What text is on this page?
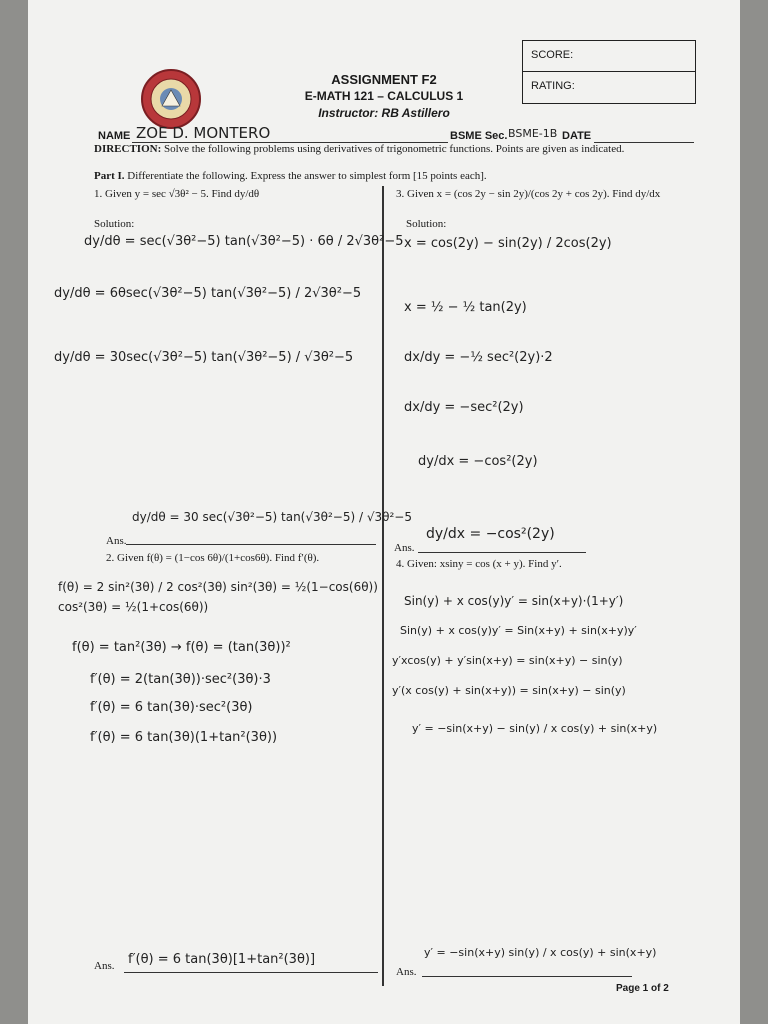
ASSIGNMENT F2
E-MATH 121 – CALCULUS 1
Instructor: RB Astillero
SCORE:
RATING:
NAME ZOE D. MONTERO	BSME Sec. BSME-1B DATE
DIRECTION: Solve the following problems using derivatives of trigonometric functions. Points are given as indicated.
Part I. Differentiate the following. Express the answer to simplest form [15 points each].
1. Given y = sec √3θ² − 5. Find dy/dθ
Solution:
dy/dθ = sec(√3θ²−5) tan(√3θ²−5) · 6θ / 2√3θ²−5
dy/dθ = 6θsec(√3θ²−5) tan(√3θ²−5) / 2√3θ²−5
dy/dθ = 30sec(√3θ²−5) tan(√3θ²−5) / √3θ²−5
Ans.
dy/dθ = 30 sec(√3θ²−5) tan(√3θ²−5) / √3θ²−5
2. Given f(θ) = (1−cos 6θ)/(1+cos6θ). Find f′(θ).
f(θ) = 2 sin²(3θ) / 2 cos²(3θ) sin²(3θ) = ½(1−cos(6θ))
cos²(3θ) = ½(1+cos(6θ))
f(θ) = tan²(3θ) → f(θ) = (tan(3θ))²
f′(θ) = 2(tan(3θ))·sec²(3θ)·3
f′(θ) = 6 tan(3θ)·sec²(3θ)
f′(θ) = 6 tan(3θ)(1+tan²(3θ))
Ans. f′(θ) = 6 tan(3θ)[1+tan²(3θ)]
3. Given x = (cos 2y − sin 2y)/(cos 2y + cos 2y). Find dy/dx
Solution:
x = cos(2y) − sin(2y) / 2cos(2y)
x = ½ − ½ tan(2y)
dx/dy = −½ sec²(2y)·2
dx/dy = −sec²(2y)
dy/dx = −cos²(2y)
Ans.
dy/dx = −cos²(2y)
4. Given: xsiny = cos (x + y). Find y′.
Sin(y) + x cos(y)y′ = sin(x+y)·(1+y′)
Sin(y) + x cos(y)y′ = Sin(x+y) + sin(x+y)y′
y′xcos(y) + y′sin(x+y) = sin(x+y) − sin(y)
y′(x cos(y) + sin(x+y)) = sin(x+y) − sin(y)
y′ = −sin(x+y) − sin(y) / x cos(y) + sin(x+y)
Ans.
y′ = −sin(x+y) sin(y) / x cos(y) + sin(x+y)
Page 1 of 2
